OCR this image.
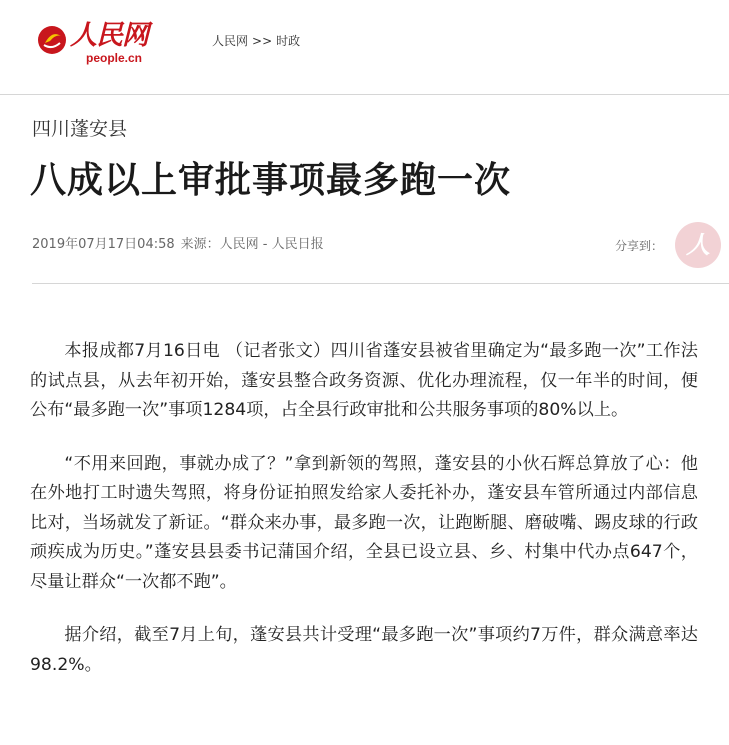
人民网
people.cn
人民网 >> 时政
四川蓬安县
八成以上审批事项最多跑一次
2019年07月17日04:58 来源：人民网 - 人民日报	分享到： 人

本报成都7月16日电 （记者张文）四川省蓬安县被省里确定为“最多跑一次”工作法的试点县，从去年初开始，蓬安县整合政务资源、优化办理流程，仅一年半的时间，便公布“最多跑一次”事项1284项，占全县行政审批和公共服务事项的80%以上。

“不用来回跑，事就办成了？”拿到新领的驾照，蓬安县的小伙石辉总算放了心：他在外地打工时遗失驾照，将身份证拍照发给家人委托补办，蓬安县车管所通过内部信息比对，当场就发了新证。“群众来办事，最多跑一次，让跑断腿、磨破嘴、踢皮球的行政顽疾成为历史。”蓬安县县委书记蒲国介绍，全县已设立县、乡、村集中代办点647个，尽量让群众“一次都不跑”。

据介绍，截至7月上旬，蓬安县共计受理“最多跑一次”事项约7万件，群众满意率达98.2%。
